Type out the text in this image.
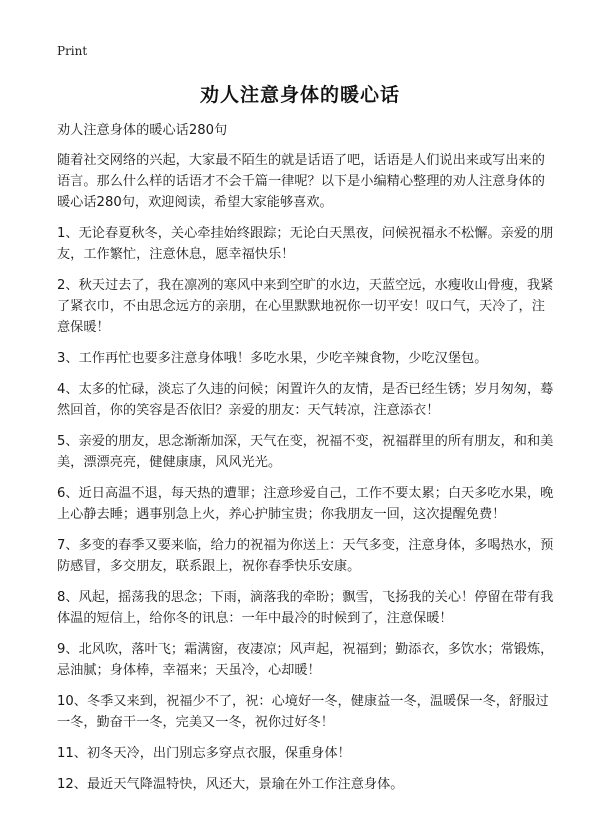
Print
劝人注意身体的暖心话

劝人注意身体的暖心话280句

随着社交网络的兴起，大家最不陌生的就是话语了吧，话语是人们说出来或写出来的语言。那么什么样的话语才不会千篇一律呢？以下是小编精心整理的劝人注意身体的暖心话280句，欢迎阅读，希望大家能够喜欢。

1、无论春夏秋冬，关心牵挂始终跟踪；无论白天黑夜，问候祝福永不松懈。亲爱的朋友，工作繁忙，注意休息，愿幸福快乐！

2、秋天过去了，我在凛冽的寒风中来到空旷的水边，天蓝空远，水瘦收山骨瘦，我紧了紧衣巾，不由思念远方的亲朋，在心里默默地祝你一切平安！叹口气，天冷了，注意保暖！

3、工作再忙也要多注意身体哦！多吃水果，少吃辛辣食物，少吃汉堡包。

4、太多的忙碌，淡忘了久违的问候；闲置许久的友情，是否已经生锈；岁月匆匆，蓦然回首，你的笑容是否依旧？亲爱的朋友：天气转凉，注意添衣！

5、亲爱的朋友，思念渐渐加深，天气在变，祝福不变，祝福群里的所有朋友，和和美美，漂漂亮亮，健健康康，风风光光。

6、近日高温不退，每天热的遭罪；注意珍爱自己，工作不要太累；白天多吃水果，晚上心静去睡；遇事别急上火，养心护肺宝贵；你我朋友一回，这次提醒免费！

7、多变的春季又要来临，给力的祝福为你送上：天气多变，注意身体，多喝热水，预防感冒，多交朋友，联系跟上，祝你春季快乐安康。

8、风起，摇荡我的思念；下雨，滴落我的牵盼；飘雪，飞扬我的关心！停留在带有我体温的短信上，给你冬的讯息：一年中最冷的时候到了，注意保暖！

9、北风吹，落叶飞；霜满窗，夜凄凉；风声起，祝福到；勤添衣，多饮水；常锻炼，忌油腻；身体棒，幸福来；天虽冷，心却暖！

10、冬季又来到，祝福少不了，祝：心境好一冬，健康益一冬，温暖保一冬，舒服过一冬，勤奋干一冬，完美又一冬，祝你过好冬！

11、初冬天冷，出门别忘多穿点衣服，保重身体！

12、最近天气降温特快，风还大，景瑜在外工作注意身体。
